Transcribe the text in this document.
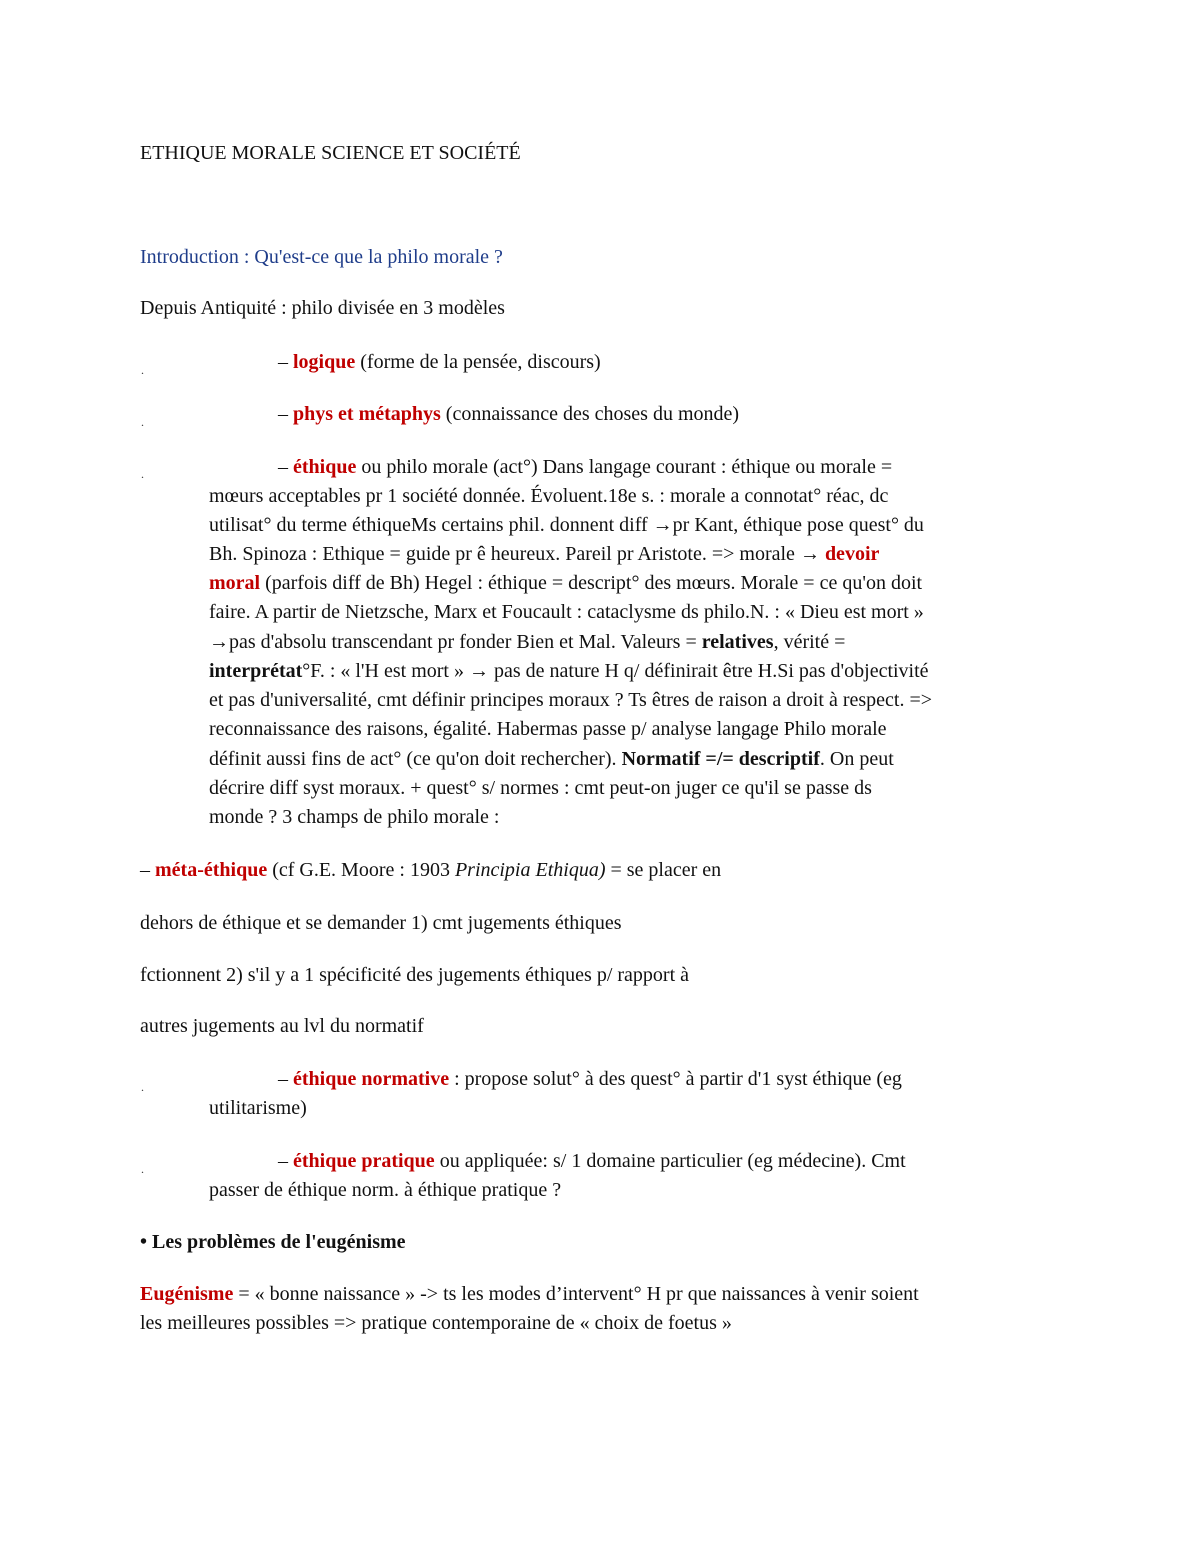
ETHIQUE MORALE SCIENCE ET SOCIÉTÉ
Introduction : Qu'est-ce que la philo morale ?
Depuis Antiquité : philo divisée en 3 modèles
.	– logique (forme de la pensée, discours)
.	– phys et métaphys (connaissance des choses du monde)
.	– éthique ou philo morale (act°) Dans langage courant : éthique ou morale =
mœurs acceptables pr 1 société donnée. Évoluent.18e s. : morale a connotat° réac, dc
utilisat° du terme éthiqueMs certains phil. donnent diff →pr Kant, éthique pose quest° du
Bh. Spinoza : Ethique = guide pr ê heureux. Pareil pr Aristote. => morale → devoir
moral (parfois diff de Bh) Hegel : éthique = descript° des mœurs. Morale = ce qu'on doit
faire. A partir de Nietzsche, Marx et Foucault : cataclysme ds philo.N. : « Dieu est mort »
→pas d'absolu transcendant pr fonder Bien et Mal. Valeurs = relatives, vérité =
interprétat°F. : « l'H est mort » → pas de nature H q/ définirait être H.Si pas d'objectivité
et pas d'universalité, cmt définir principes moraux ? Ts êtres de raison a droit à respect. =>
reconnaissance des raisons, égalité. Habermas passe p/ analyse langage Philo morale
définit aussi fins de act° (ce qu'on doit rechercher). Normatif =/= descriptif. On peut
décrire diff syst moraux. + quest° s/ normes : cmt peut-on juger ce qu'il se passe ds
monde ? 3 champs de philo morale :
– méta-éthique (cf G.E. Moore : 1903 Principia Ethiqua) = se placer en
dehors de éthique et se demander 1) cmt jugements éthiques
fctionnent 2) s'il y a 1 spécificité des jugements éthiques p/ rapport à
autres jugements au lvl du normatif
.	– éthique normative : propose solut° à des quest° à partir d'1 syst éthique (eg
utilitarisme)
.	– éthique pratique ou appliquée: s/ 1 domaine particulier (eg médecine). Cmt
passer de éthique norm. à éthique pratique ?
• Les problèmes de l'eugénisme
Eugénisme = « bonne naissance » -> ts les modes d’intervent° H pr que naissances à venir soient
les meilleures possibles => pratique contemporaine de « choix de foetus »
